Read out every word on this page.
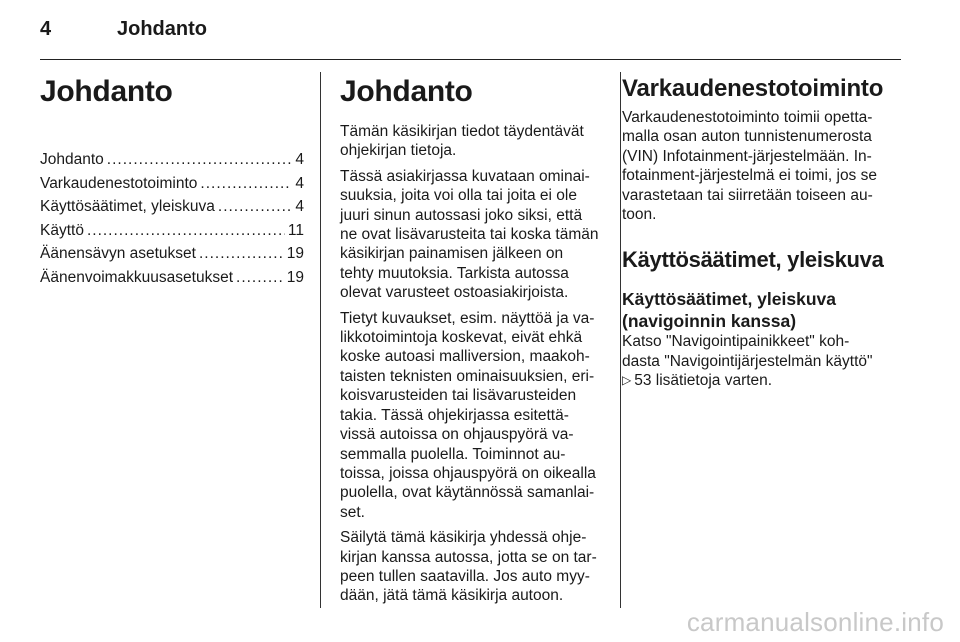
4	Johdanto
Johdanto
Johdanto .....	4
Varkaudenestotoiminto .....	4
Käyttösäätimet, yleiskuva .....	4
Käyttö .....	11
Äänensävyn asetukset .....	19
Äänenvoimakkuusasetukset .....	19
Johdanto

Tämän käsikirjan tiedot täydentävät
ohjekirjan tietoja.

Tässä asiakirjassa kuvataan ominai-
suuksia, joita voi olla tai joita ei ole
juuri sinun autossasi joko siksi, että
ne ovat lisävarusteita tai koska tämän
käsikirjan painamisen jälkeen on
tehty muutoksia. Tarkista autossa
olevat varusteet ostoasiakirjoista.

Tietyt kuvaukset, esim. näyttöä ja va-
likkotoimintoja koskevat, eivät ehkä
koske autoasi malliversion, maakoh-
taisten teknisten ominaisuuksien, eri-
koisvarusteiden tai lisävarusteiden
takia. Tässä ohjekirjassa esitettä-
vissä autoissa on ohjauspyörä va-
semmalla puolella. Toiminnot au-
toissa, joissa ohjauspyörä on oikealla
puolella, ovat käytännössä samanlai-
set.

Säilytä tämä käsikirja yhdessä ohje-
kirjan kanssa autossa, jotta se on tar-
peen tullen saatavilla. Jos auto myy-
dään, jätä tämä käsikirja autoon.

Varkaudenestotoiminto

Varkaudenestotoiminto toimii opetta-
malla osan auton tunnistenumerosta
(VIN) Infotainment-järjestelmään. In-
fotainment-järjestelmä ei toimi, jos se
varastetaan tai siirretään toiseen au-
toon.

Käyttösäätimet, yleiskuva
Käyttösäätimet, yleiskuva
(navigoinnin kanssa)

Katso "Navigointipainikkeet" koh-
dasta "Navigointijärjestelmän käyttö"
▷ 53 lisätietoja varten.

carmanualsonline.info
